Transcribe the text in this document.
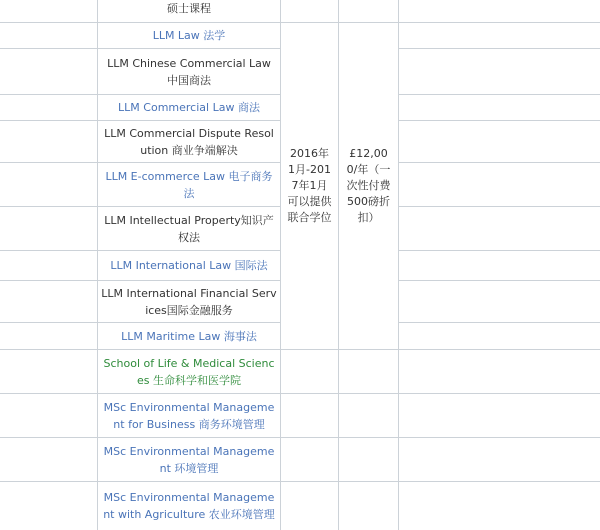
硕士课程
LLM Law 法学
LLM Chinese Commercial Law 中国商法
LLM Commercial Law 商法
LLM Commercial Dispute Resolution 商业争端解决
LLM E-commerce Law 电子商务法
LLM Intellectual Property知识产权法
LLM International Law 国际法
LLM International Financial Services国际金融服务
LLM Maritime Law 海事法
School of Life & Medical Sciences 生命科学和医学院
MSc Environmental Management for Business 商务环境管理
MSc Environmental Management 环境管理
MSc Environmental Management with Agriculture 农业环境管理
2016年1月-2017年1月 可以提供联合学位
£12,000/年（一次性付费500磅折扣）
